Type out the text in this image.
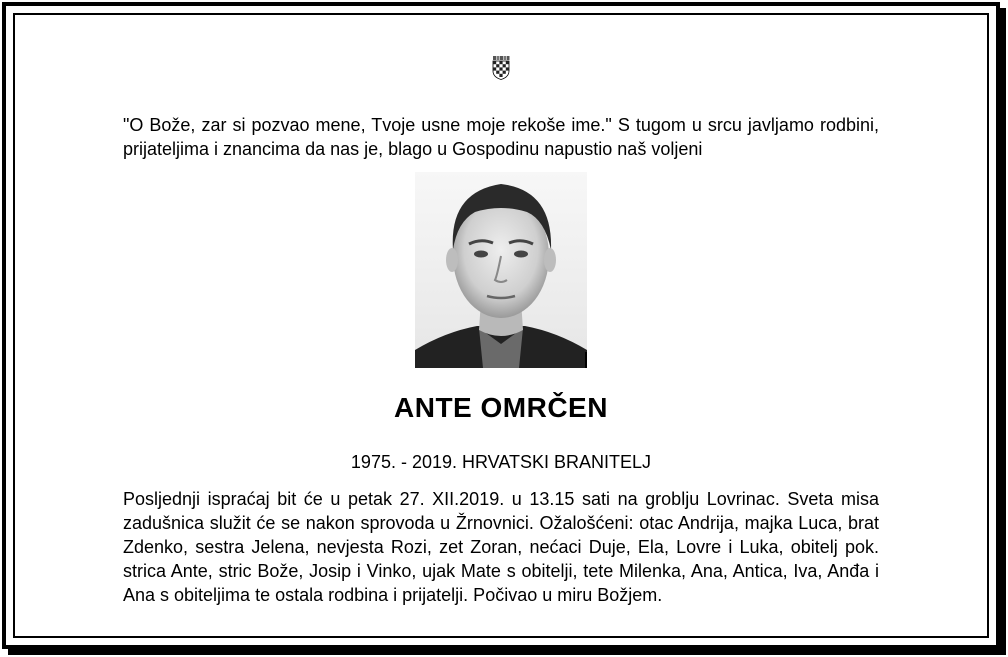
"O Bože, zar si pozvao mene, Tvoje usne moje rekoše ime." S tugom u srcu javljamo rodbini, prijateljima i znancima da nas je, blago u Gospodinu napustio naš voljeni

ANTE OMRČEN

1975. - 2019. HRVATSKI BRANITELJ

Posljednji ispraćaj bit će u petak 27. XII.2019. u 13.15 sati na groblju Lovrinac. Sveta misa zadušnica služit će se nakon sprovoda u Žrnovnici. Ožalošćeni: otac Andrija, majka Luca, brat Zdenko, sestra Jelena, nevjesta Rozi, zet Zoran, nećaci Duje, Ela, Lovre i Luka, obitelj pok. strica Ante, stric Bože, Josip i Vinko, ujak Mate s obitelji, tete Milenka, Ana, Antica, Iva, Anđa i Ana s obiteljima te ostala rodbina i prijatelji. Počivao u miru Božjem.
